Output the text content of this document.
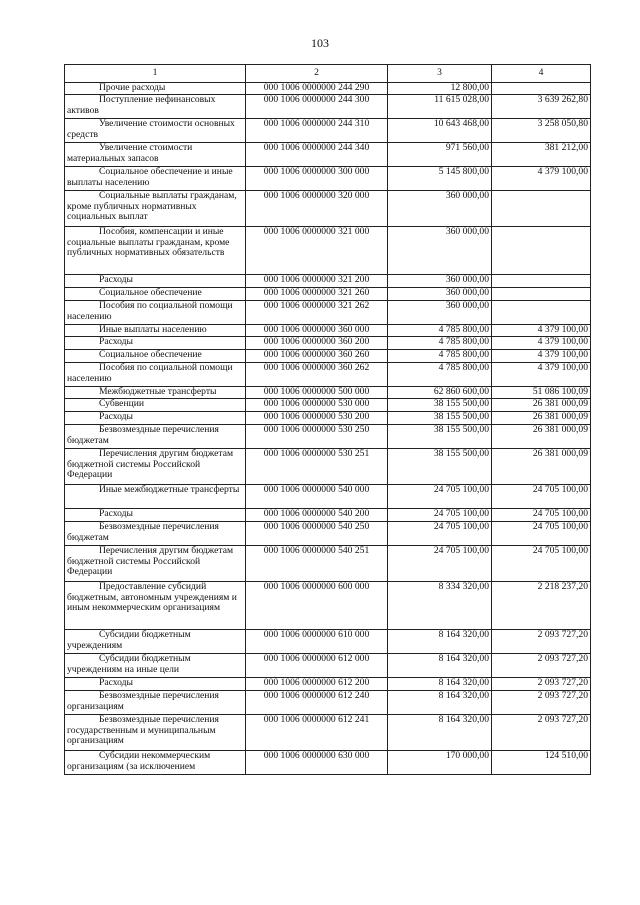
103
1	2	3	4
Прочие расходы	000 1006 0000000 244 290	12 800,00	
Поступление нефинансовых активов	000 1006 0000000 244 300	11 615 028,00	3 639 262,80
Увеличение стоимости основных средств	000 1006 0000000 244 310	10 643 468,00	3 258 050,80
Увеличение стоимости материальных запасов	000 1006 0000000 244 340	971 560,00	381 212,00
Социальное обеспечение и иные выплаты населению	000 1006 0000000 300 000	5 145 800,00	4 379 100,00
Социальные выплаты гражданам, кроме публичных нормативных социальных выплат	000 1006 0000000 320 000	360 000,00	
Пособия, компенсации и иные социальные выплаты гражданам, кроме публичных нормативных обязательств	000 1006 0000000 321 000	360 000,00	
Расходы	000 1006 0000000 321 200	360 000,00	
Социальное обеспечение	000 1006 0000000 321 260	360 000,00	
Пособия по социальной помощи населению	000 1006 0000000 321 262	360 000,00	
Иные выплаты населению	000 1006 0000000 360 000	4 785 800,00	4 379 100,00
Расходы	000 1006 0000000 360 200	4 785 800,00	4 379 100,00
Социальное обеспечение	000 1006 0000000 360 260	4 785 800,00	4 379 100,00
Пособия по социальной помощи населению	000 1006 0000000 360 262	4 785 800,00	4 379 100,00
Межбюджетные трансферты	000 1006 0000000 500 000	62 860 600,00	51 086 100,09
Субвенции	000 1006 0000000 530 000	38 155 500,00	26 381 000,09
Расходы	000 1006 0000000 530 200	38 155 500,00	26 381 000,09
Безвозмездные перечисления бюджетам	000 1006 0000000 530 250	38 155 500,00	26 381 000,09
Перечисления другим бюджетам бюджетной системы Российской Федерации	000 1006 0000000 530 251	38 155 500,00	26 381 000,09
Иные межбюджетные трансферты	000 1006 0000000 540 000	24 705 100,00	24 705 100,00
Расходы	000 1006 0000000 540 200	24 705 100,00	24 705 100,00
Безвозмездные перечисления бюджетам	000 1006 0000000 540 250	24 705 100,00	24 705 100,00
Перечисления другим бюджетам бюджетной системы Российской Федерации	000 1006 0000000 540 251	24 705 100,00	24 705 100,00
Предоставление субсидий бюджетным, автономным учреждениям и иным некоммерческим организациям	000 1006 0000000 600 000	8 334 320,00	2 218 237,20
Субсидии бюджетным учреждениям	000 1006 0000000 610 000	8 164 320,00	2 093 727,20
Субсидии бюджетным учреждениям на иные цели	000 1006 0000000 612 000	8 164 320,00	2 093 727,20
Расходы	000 1006 0000000 612 200	8 164 320,00	2 093 727,20
Безвозмездные перечисления организациям	000 1006 0000000 612 240	8 164 320,00	2 093 727,20
Безвозмездные перечисления государственным и муниципальным организациям	000 1006 0000000 612 241	8 164 320,00	2 093 727,20
Субсидии некоммерческим организациям (за исключением	000 1006 0000000 630 000	170 000,00	124 510,00
